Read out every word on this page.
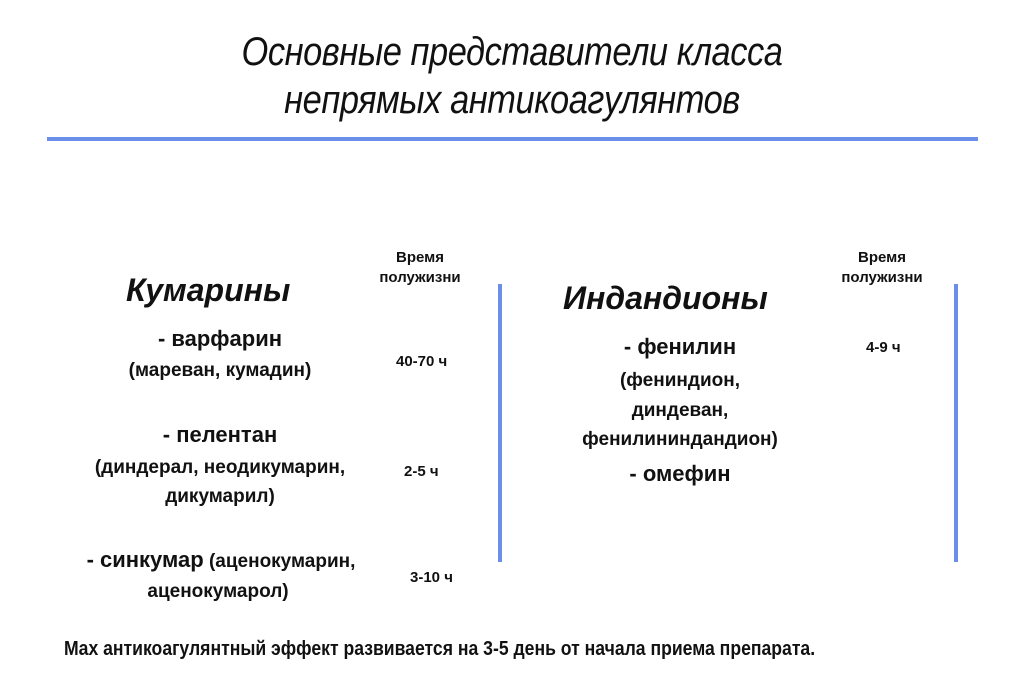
Основные представители класса
непрямых антикоагулянтов
Кумарины
Время
полужизни
- варфарин
(мареван, кумадин)	40-70 ч
- пелентан
(диндерал, неодикумарин,
дикумарил)
2-5 ч
- синкумар (аценокумарин,
аценокумарол)
3-10 ч
Индандионы
Время
полужизни
- фенилин
(фениндион,
диндеван,
фенилининдандион)
4-9 ч
- омефин
Max антикоагулянтный эффект развивается на 3-5 день от начала приема препарата.
